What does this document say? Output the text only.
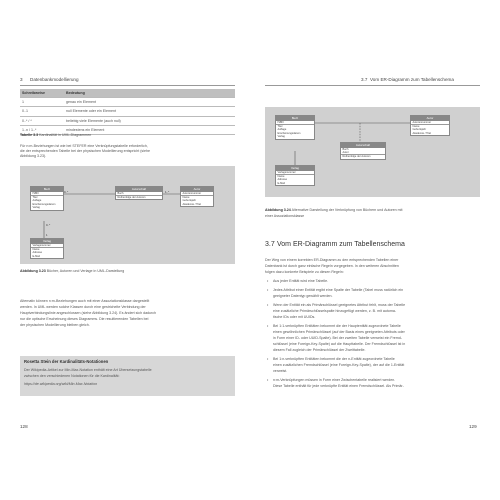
3 Datenbankmodellierung
Schreibweise	Bedeutung
1	genau ein Element
0..1	null Elemente oder ein Element
0..* / *	beliebig viele Elemente (auch null)
1..n / 1..*	mindestens ein Element
Tabelle 3.3 Kardinalität in UML-Diagrammen
Für n:m-Beziehungen ist wie bei STEFER eine Verknüpfungstabelle erforderlich,
die der entsprechenden Tabelle bei der physischen Modellierung entspricht (siehe
Abbildung 3.23).
Buch
ISBN
Titel
Auflage
Erscheinungsdatum
Verlag
Autorschaft
Buch
Reihenfolge der Autoren
Autor
Autorennummer
Name
Geburtsjahr
Akademie / Titel
Verlag
Verlagsnummer
Name
Adresse
E-Mail
0..*	1..*
0..*
1
Abbildung 3.23 Bücher, Autoren und Verlage in UML-Darstellung
Alternativ können n:m-Beziehungen auch mit einer Assoziationsklasse dargestellt
werden. In UML werden solche Klassen durch eine gestrichelte Verbindung der
Hauptverbindungslinie angeschlossen (siehe Abbildung 3.24). Es ändert sich dadurch
nur die optische Erscheinung dieses Diagramms. Die resultierenden Tabellen bei
der physischen Modellierung bleiben gleich.
Rosetta Stein der Kardinalitäts-Notationen
Der Wikipedia-Artikel zur Min-Max-Notation enthält eine Art Übersetzungstabelle
zwischen den verschiedenen Notationen für die Kardinalität:
https://de.wikipedia.org/wiki/Min-Max-Notation
128
3.7 Vom ER-Diagramm zum Tabellenschema
Buch
ISBN
Titel
Auflage
Erscheinungsdatum
Verlag
Autor
Autorennummer
Name
Geburtsjahr
Akademie / Titel
Autorschaft
Buch
Autor
Reihenfolge der Autoren
Verlag
Verlagsnummer
Name
Adresse
E-Mail
Abbildung 3.24 Alternative Darstellung der Verknüpfung von Büchern und Autoren mit
einer Assoziationsklasse
3.7 Vom ER-Diagramm zum Tabellenschema
Der Weg von einem korrekten ER-Diagramm zu den entsprechenden Tabellen einer
Datenbank ist durch ganz einfache Regeln vorgegeben. In den weiteren Abschnitten
folgen dazu konkrete Beispiele zu diesen Regeln:
• Aus jeder Entität wird eine Tabelle.
• Jedes Attribut einer Entität ergibt eine Spalte der Tabelle (Tabel muss natürlich ein
geeigneter Datentyp gewählt werden.
• Wenn der Entität ein als Primärschlüssel geeignetes Attribut fehlt, muss der Tabelle
eine zusätzliche Primärschlüsselspalte hinzugefügt werden, z. B. mit automa-
tische IDs oder mit UUIDs.
• Bei 1:1-verknüpften Entitäten bekommt die der Hauptentität zugeordnete Tabelle
einen gewöhnlichen Primärschlüssel (auf der Basis eines geeigneten Attributs oder
in Form einer ID- oder UUID-Spalte). Bei der zweiten Tabelle verweist ein Fremd-
schlüssel (eine Foreign-Key-Spalte) auf die Haupttabelle. Der Fremdschlüssel ist in
diesem Fall zugleich der Primärschlüssel der Zweittabelle.
• Bei 1:n-verknüpften Entitäten bekommt die der n-Entität zugeordnete Tabelle
einen zusätzlichen Fremdschlüssel (eine Foreign-Key-Spalte), der auf die 1-Entität
verweist.
• n:m-Verknüpfungen müssen in Form einer Zwischentabelle realisiert werden.
Diese Tabelle enthält für jede verknüpfte Entität einen Fremdschlüssel. Als Primär-
129
